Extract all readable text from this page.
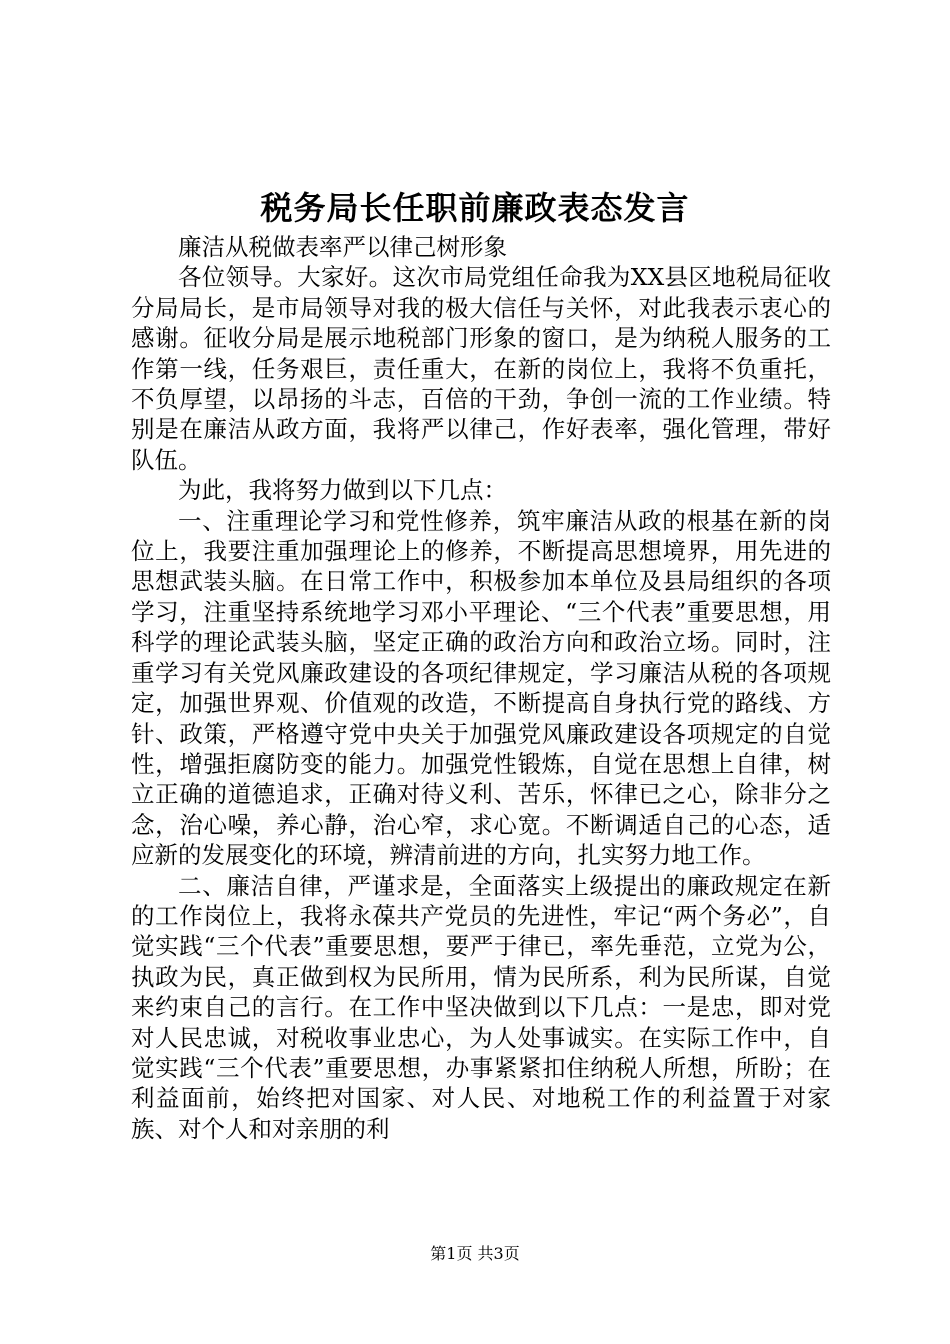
税务局长任职前廉政表态发言

廉洁从税做表率严以律己树形象

各位领导。大家好。这次市局党组任命我为XX县区地税局征收分局局长，是市局领导对我的极大信任与关怀，对此我表示衷心的感谢。征收分局是展示地税部门形象的窗口，是为纳税人服务的工作第一线，任务艰巨，责任重大，在新的岗位上，我将不负重托，不负厚望，以昂扬的斗志，百倍的干劲，争创一流的工作业绩。特别是在廉洁从政方面，我将严以律己，作好表率，强化管理，带好队伍。

为此，我将努力做到以下几点：

一、注重理论学习和党性修养，筑牢廉洁从政的根基在新的岗位上，我要注重加强理论上的修养，不断提高思想境界，用先进的思想武装头脑。在日常工作中，积极参加本单位及县局组织的各项学习，注重坚持系统地学习邓小平理论、“三个代表”重要思想，用科学的理论武装头脑，坚定正确的政治方向和政治立场。同时，注重学习有关党风廉政建设的各项纪律规定，学习廉洁从税的各项规定，加强世界观、价值观的改造，不断提高自身执行党的路线、方针、政策，严格遵守党中央关于加强党风廉政建设各项规定的自觉性，增强拒腐防变的能力。加强党性锻炼，自觉在思想上自律，树立正确的道德追求，正确对待义利、苦乐，怀律已之心，除非分之念，治心噪，养心静，治心窄，求心宽。不断调适自己的心态，适应新的发展变化的环境，辨清前进的方向，扎实努力地工作。

二、廉洁自律，严谨求是，全面落实上级提出的廉政规定在新的工作岗位上，我将永葆共产党员的先进性，牢记“两个务必”，自觉实践“三个代表”重要思想，要严于律已，率先垂范，立党为公，执政为民，真正做到权为民所用，情为民所系，利为民所谋，自觉来约束自己的言行。在工作中坚决做到以下几点：一是忠，即对党对人民忠诚，对税收事业忠心，为人处事诚实。在实际工作中，自觉实践“三个代表”重要思想，办事紧紧扣住纳税人所想，所盼；在利益面前，始终把对国家、对人民、对地税工作的利益置于对家族、对个人和对亲朋的利

第1页 共3页
